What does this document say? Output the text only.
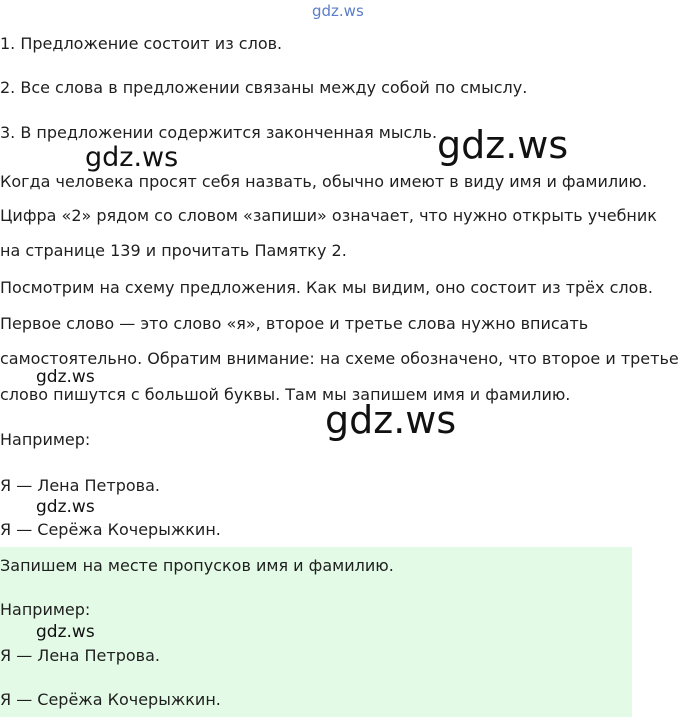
gdz.ws
1. Предложение состоит из слов.
2. Все слова в предложении связаны между собой по смыслу.
3. В предложении содержится законченная мысль. gdz.ws
gdz.ws
Когда человека просят себя назвать, обычно имеют в виду имя и фамилию.
Цифра «2» рядом со словом «запиши» означает, что нужно открыть учебник
на странице 139 и прочитать Памятку 2.
Посмотрим на схему предложения. Как мы видим, оно состоит из трёх слов.
Первое слово — это слово «я», второе и третье слова нужно вписать
самостоятельно. Обратим внимание: на схеме обозначено, что второе и третье
gdz.ws
слово пишутся с большой буквы. Там мы запишем имя и фамилию.
gdz.ws
Например:
Я — Лена Петрова.
gdz.ws
Я — Серёжа Кочерыжкин.
Запишем на месте пропусков имя и фамилию.
Например:
gdz.ws
Я — Лена Петрова.
Я — Серёжа Кочерыжкин.
